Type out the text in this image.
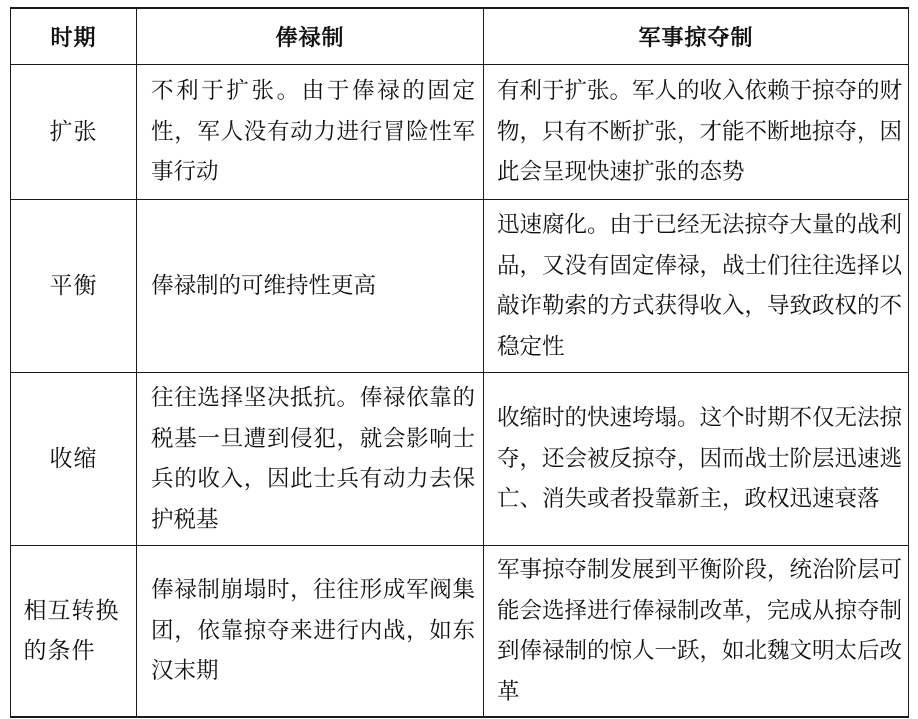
时期	俸禄制	军事掠夺制
扩张	不利于扩张。由于俸禄的固定性，军人没有动力进行冒险性军事行动	有利于扩张。军人的收入依赖于掠夺的财物，只有不断扩张，才能不断地掠夺，因此会呈现快速扩张的态势
平衡	俸禄制的可维持性更高	迅速腐化。由于已经无法掠夺大量的战利品，又没有固定俸禄，战士们往往选择以敲诈勒索的方式获得收入，导致政权的不稳定性
收缩	往往选择坚决抵抗。俸禄依靠的税基一旦遭到侵犯，就会影响士兵的收入，因此士兵有动力去保护税基	收缩时的快速垮塌。这个时期不仅无法掠夺，还会被反掠夺，因而战士阶层迅速逃亡、消失或者投靠新主，政权迅速衰落
相互转换的条件	俸禄制崩塌时，往往形成军阀集团，依靠掠夺来进行内战，如东汉末期	军事掠夺制发展到平衡阶段，统治阶层可能会选择进行俸禄制改革，完成从掠夺制到俸禄制的惊人一跃，如北魏文明太后改革
